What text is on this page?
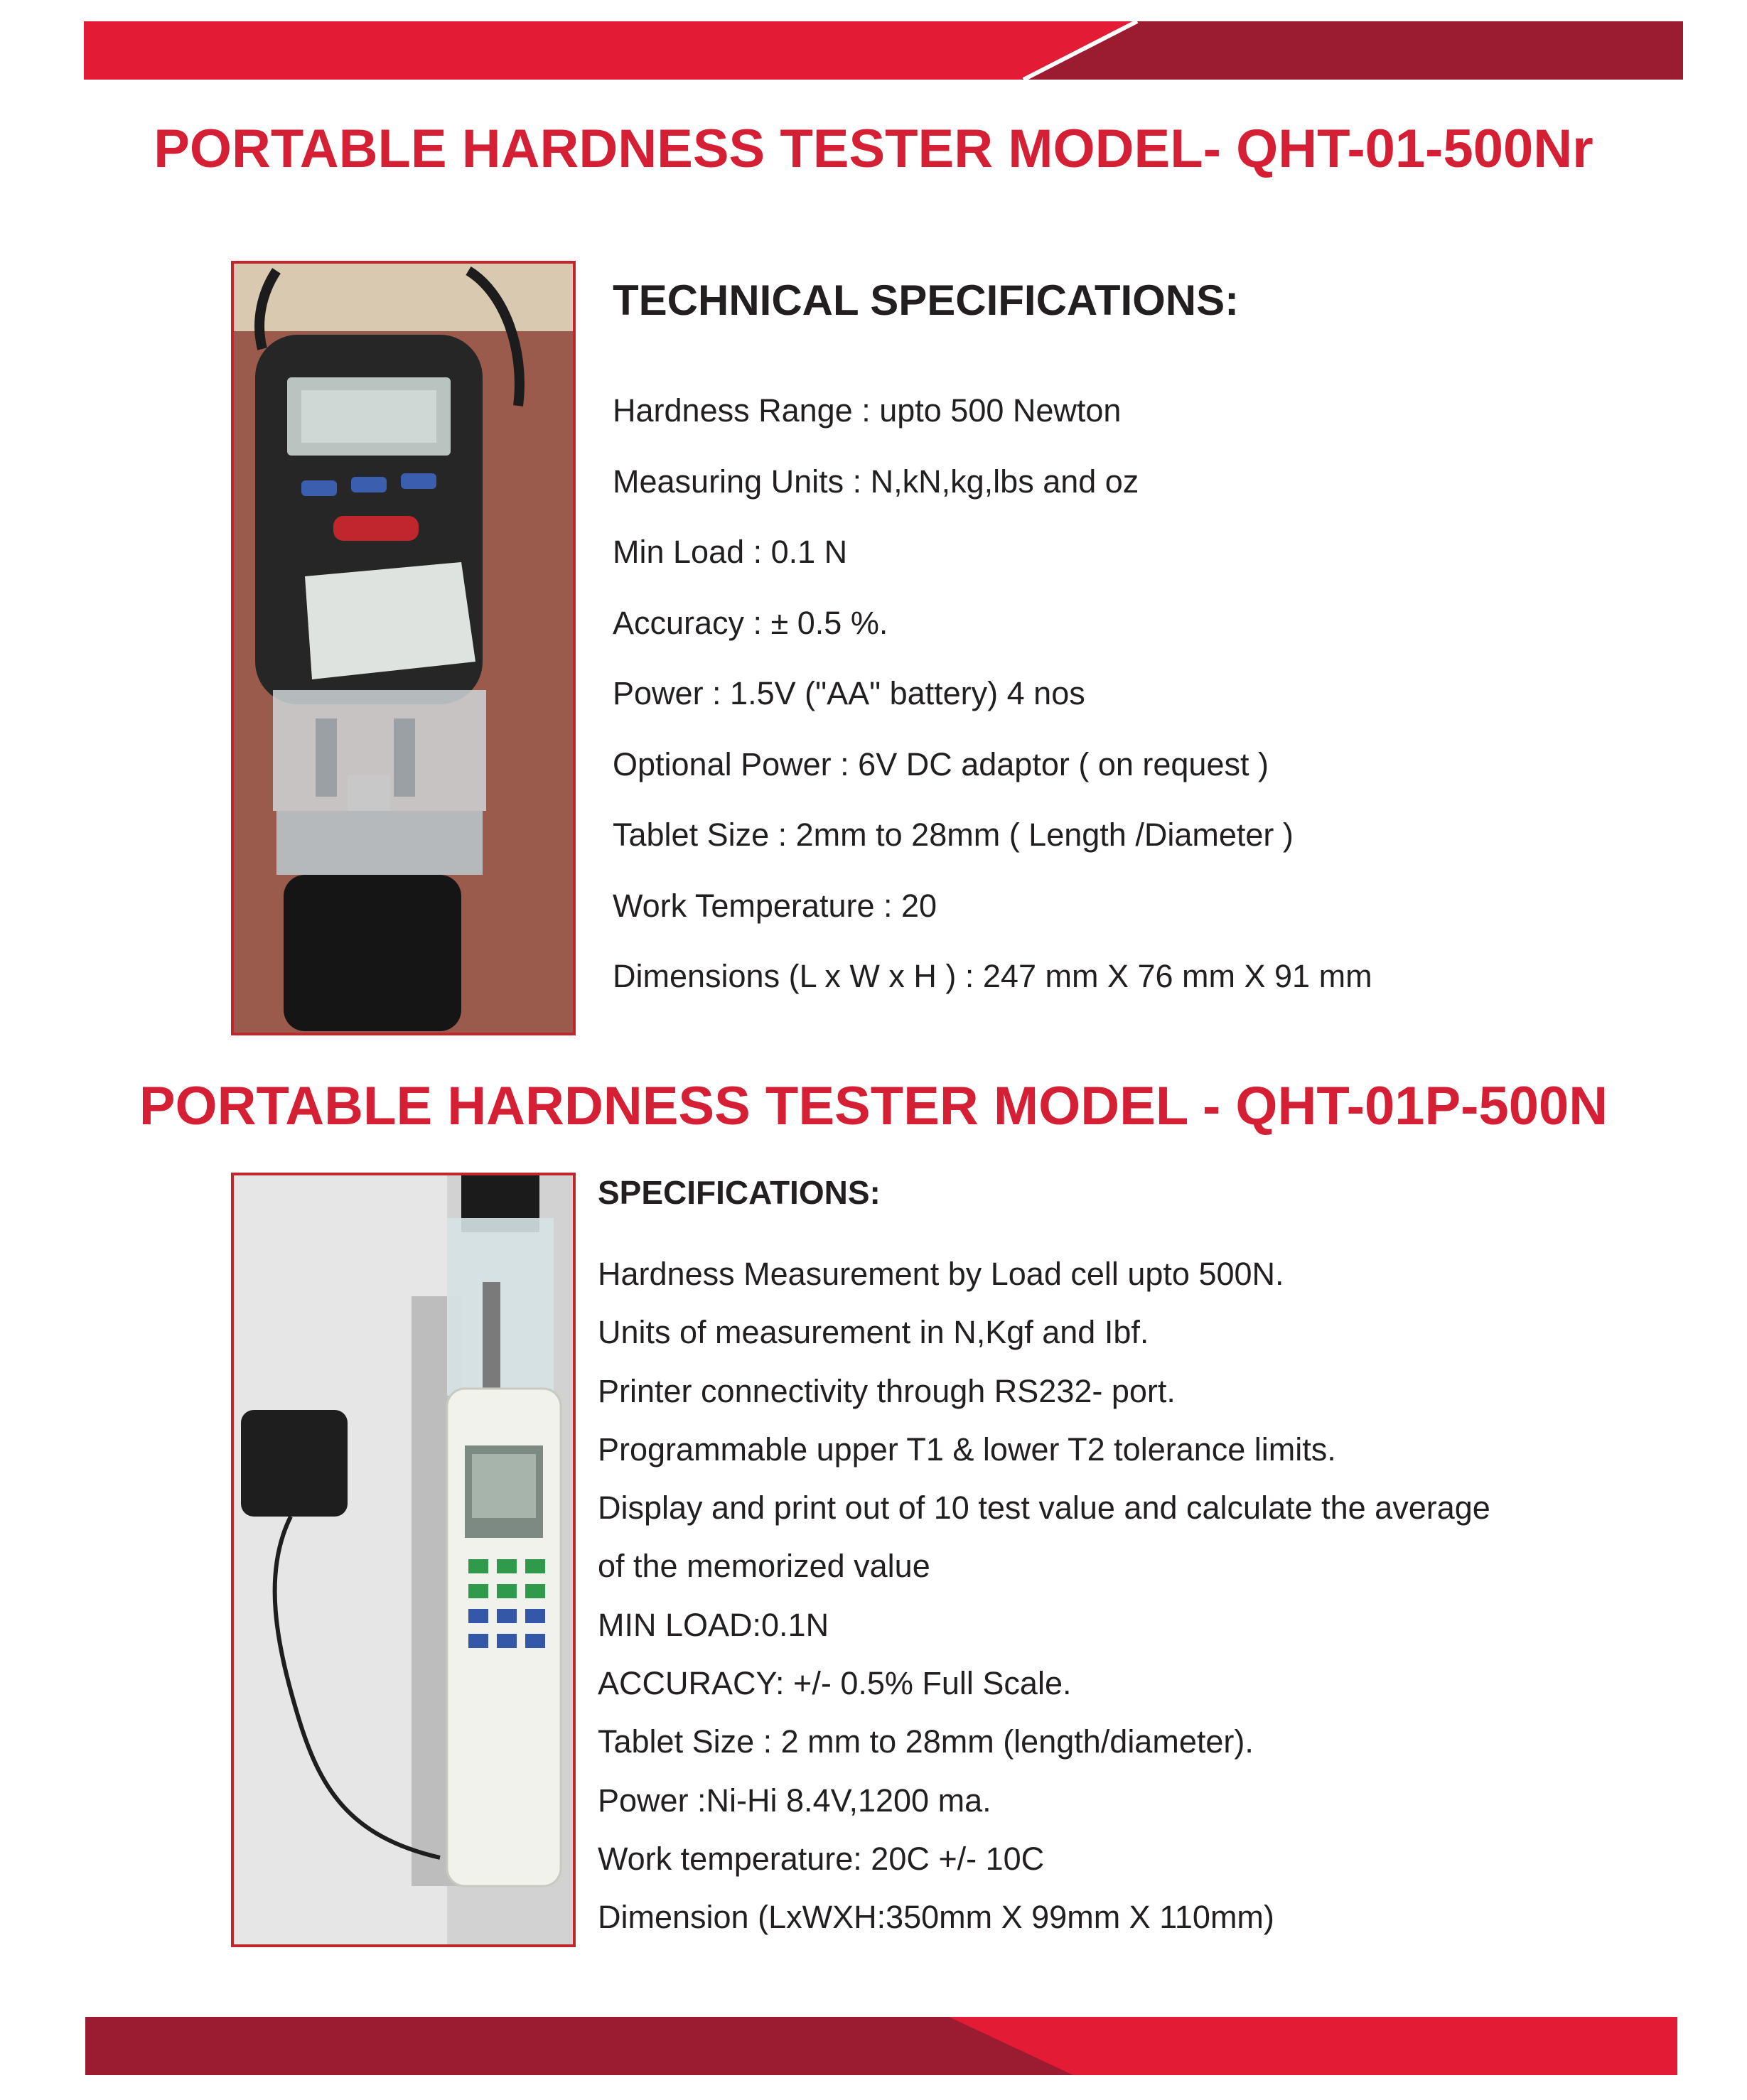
PORTABLE HARDNESS TESTER MODEL- QHT-01-500Nr
TECHNICAL SPECIFICATIONS:
Hardness Range : upto 500 Newton
Measuring Units : N,kN,kg,lbs and oz
Min Load : 0.1 N
Accuracy : ± 0.5 %.
Power : 1.5V ("AA" battery) 4 nos
Optional Power : 6V DC adaptor ( on request )
Tablet Size : 2mm to 28mm ( Length /Diameter )
Work Temperature : 20
Dimensions (L x W x H ) : 247 mm X 76 mm X 91 mm
PORTABLE HARDNESS TESTER MODEL - QHT-01P-500N
SPECIFICATIONS:
Hardness Measurement by Load cell upto 500N.
Units of measurement in N,Kgf and Ibf.
Printer connectivity through RS232- port.
Programmable upper T1 & lower T2 tolerance limits.
Display and print out of 10 test value and calculate the average
of the memorized value
MIN LOAD:0.1N
ACCURACY: +/- 0.5% Full Scale.
Tablet Size : 2 mm to 28mm (length/diameter).
Power :Ni-Hi 8.4V,1200 ma.
Work temperature: 20C +/- 10C
Dimension (LxWXH:350mm X 99mm X 110mm)
